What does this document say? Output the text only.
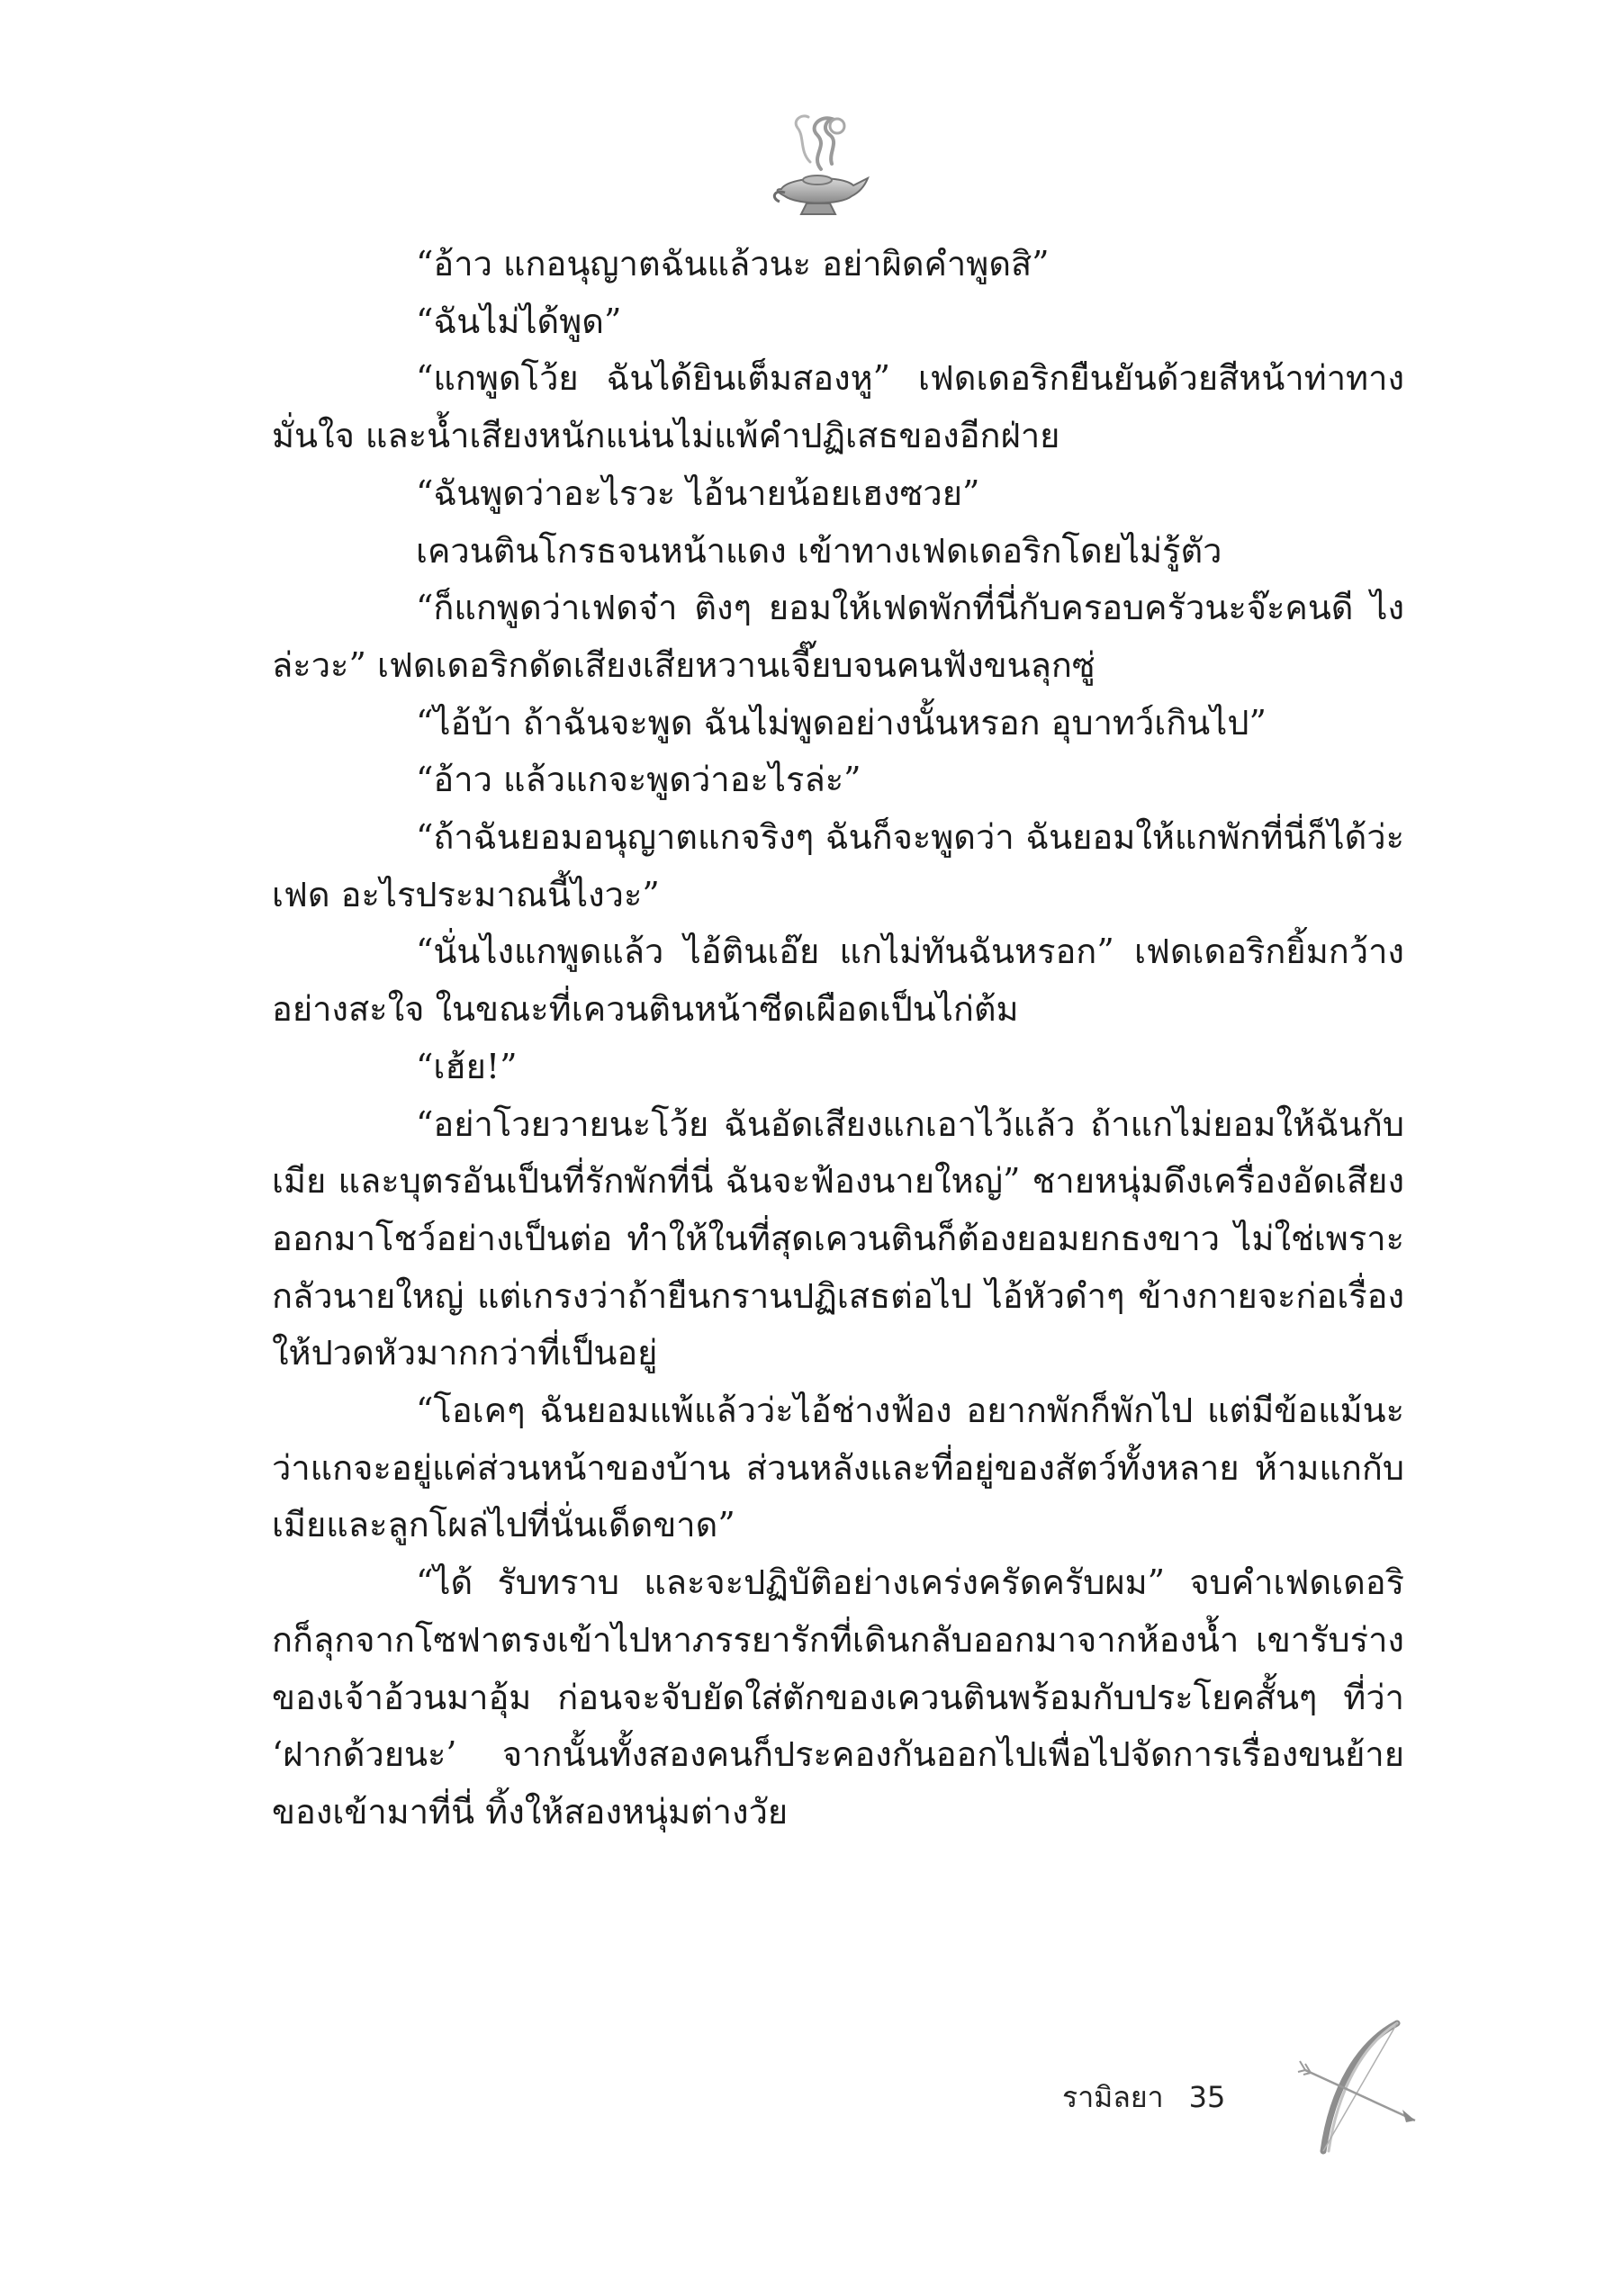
“อ้าว แกอนุญาตฉันแล้วนะ อย่าผิดคำพูดสิ”

“ฉันไม่ได้พูด”

“แกพูดโว้ย ฉันได้ยินเต็มสองหู” เฟดเดอริกยืนยันด้วยสีหน้าท่าทางมั่นใจ และน้ำเสียงหนักแน่นไม่แพ้คำปฏิเสธของอีกฝ่าย

“ฉันพูดว่าอะไรวะ ไอ้นายน้อยเฮงซวย”

เควนตินโกรธจนหน้าแดง เข้าทางเฟดเดอริกโดยไม่รู้ตัว

“ก็แกพูดว่าเฟดจ๋า ติงๆ ยอมให้เฟดพักที่นี่กับครอบครัวนะจ๊ะคนดี ไงล่ะวะ” เฟดเดอริกดัดเสียงเสียหวานเจี๊ยบจนคนฟังขนลุกซู่

“ไอ้บ้า ถ้าฉันจะพูด ฉันไม่พูดอย่างนั้นหรอก อุบาทว์เกินไป”

“อ้าว แล้วแกจะพูดว่าอะไรล่ะ”

“ถ้าฉันยอมอนุญาตแกจริงๆ ฉันก็จะพูดว่า ฉันยอมให้แกพักที่นี่ก็ได้ว่ะเฟด อะไรประมาณนี้ไงวะ”

“นั่นไงแกพูดแล้ว ไอ้ตินเอ๊ย แกไม่ทันฉันหรอก” เฟดเดอริกยิ้มกว้างอย่างสะใจ ในขณะที่เควนตินหน้าซีดเผือดเป็นไก่ต้ม

“เฮ้ย!”

“อย่าโวยวายนะโว้ย ฉันอัดเสียงแกเอาไว้แล้ว ถ้าแกไม่ยอมให้ฉันกับเมีย และบุตรอันเป็นที่รักพักที่นี่ ฉันจะฟ้องนายใหญ่” ชายหนุ่มดึงเครื่องอัดเสียงออกมาโชว์อย่างเป็นต่อ ทำให้ในที่สุดเควนตินก็ต้องยอมยกธงขาว ไม่ใช่เพราะกลัวนายใหญ่ แต่เกรงว่าถ้ายืนกรานปฏิเสธต่อไป ไอ้หัวดำๆ ข้างกายจะก่อเรื่องให้ปวดหัวมากกว่าที่เป็นอยู่

“โอเคๆ ฉันยอมแพ้แล้วว่ะไอ้ช่างฟ้อง อยากพักก็พักไป แต่มีข้อแม้นะว่าแกจะอยู่แค่ส่วนหน้าของบ้าน ส่วนหลังและที่อยู่ของสัตว์ทั้งหลาย ห้ามแกกับเมียและลูกโผล่ไปที่นั่นเด็ดขาด”

“ได้ รับทราบ และจะปฏิบัติอย่างเคร่งครัดครับผม” จบคำเฟดเดอริกก็ลุกจากโซฟาตรงเข้าไปหาภรรยารักที่เดินกลับออกมาจากห้องน้ำ เขารับร่างของเจ้าอ้วนมาอุ้ม ก่อนจะจับยัดใส่ตักของเควนตินพร้อมกับประโยคสั้นๆ ที่ว่า ‘ฝากด้วยนะ’ จากนั้นทั้งสองคนก็ประคองกันออกไปเพื่อไปจัดการเรื่องขนย้ายของเข้ามาที่นี่ ทิ้งให้สองหนุ่มต่างวัย

รามิลยา 35
